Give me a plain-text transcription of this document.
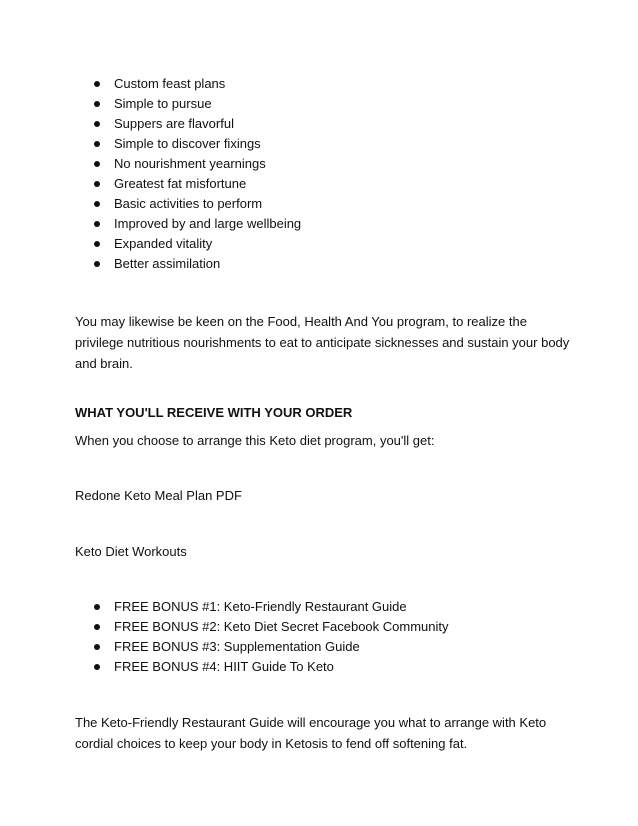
Custom feast plans
Simple to pursue
Suppers are flavorful
Simple to discover fixings
No nourishment yearnings
Greatest fat misfortune
Basic activities to perform
Improved by and large wellbeing
Expanded vitality
Better assimilation

You may likewise be keen on the Food, Health And You program, to realize the privilege nutritious nourishments to eat to anticipate sicknesses and sustain your body and brain.

WHAT YOU'LL RECEIVE WITH YOUR ORDER

When you choose to arrange this Keto diet program, you'll get:

Redone Keto Meal Plan PDF

Keto Diet Workouts

FREE BONUS #1: Keto-Friendly Restaurant Guide
FREE BONUS #2: Keto Diet Secret Facebook Community
FREE BONUS #3: Supplementation Guide
FREE BONUS #4: HIIT Guide To Keto

The Keto-Friendly Restaurant Guide will encourage you what to arrange with Keto cordial choices to keep your body in Ketosis to fend off softening fat.
